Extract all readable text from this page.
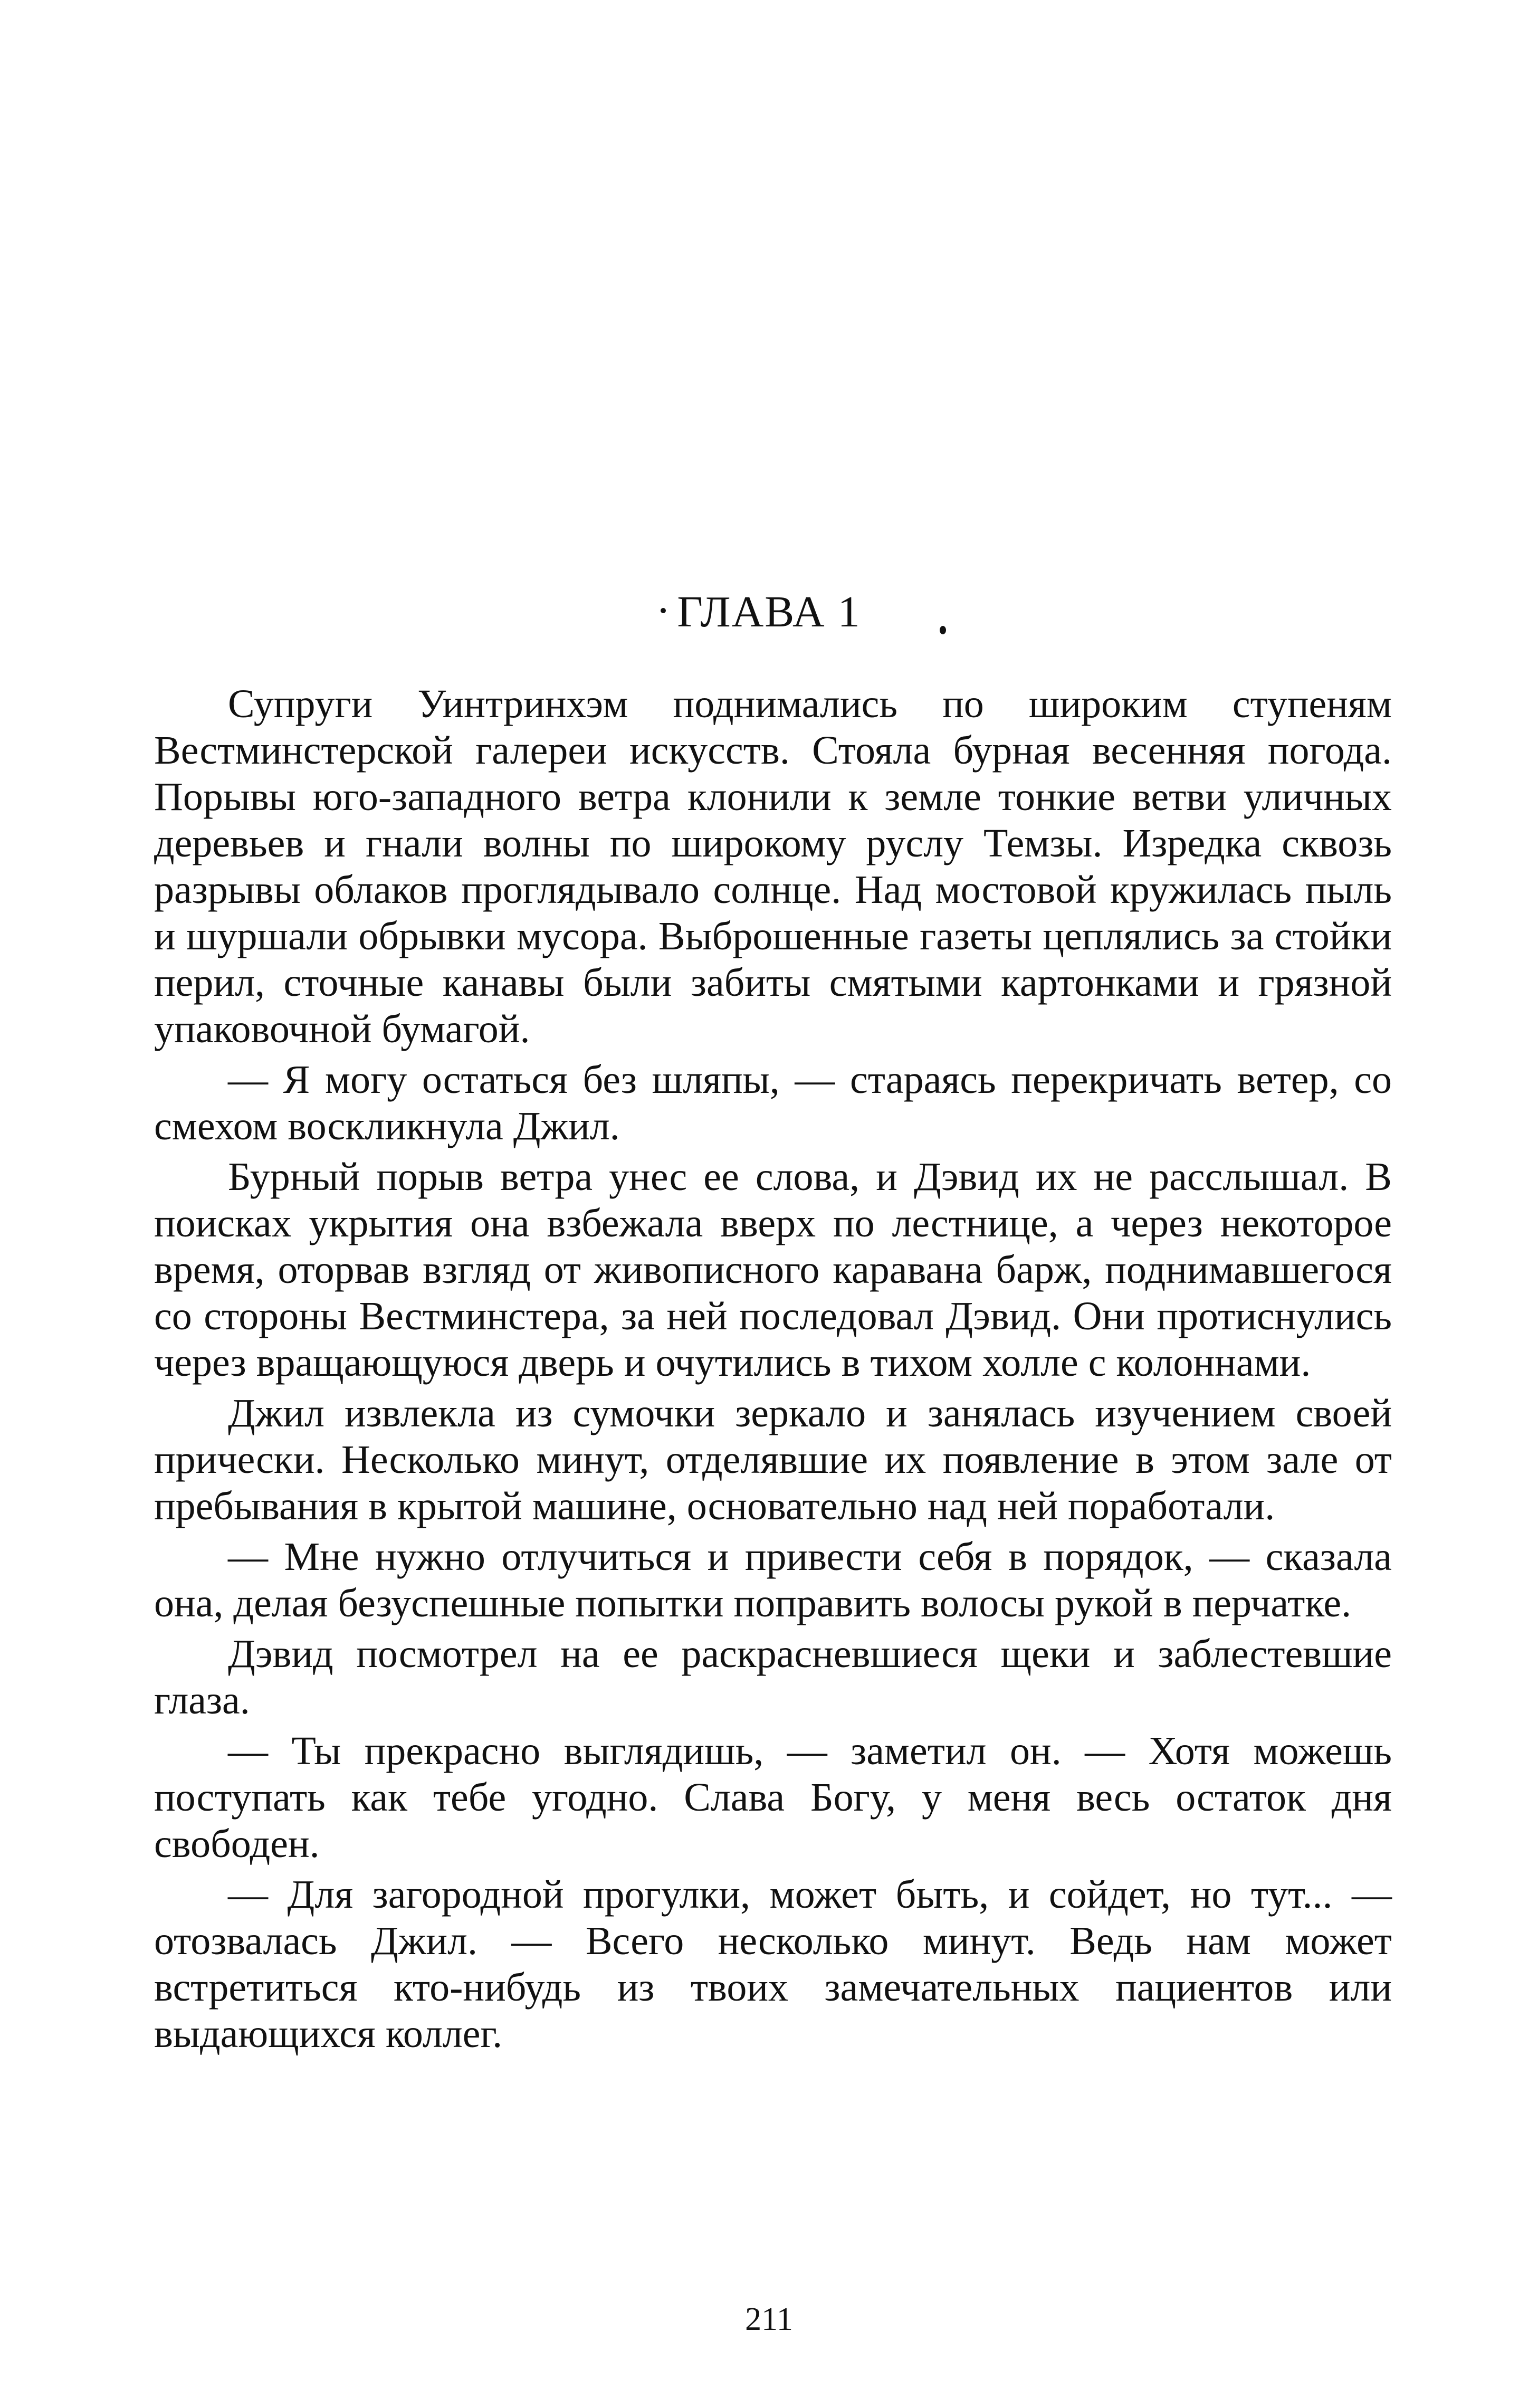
ГЛАВА 1

Супруги Уинтринхэм поднимались по широким ступеням Вестминстерской галереи искусств. Стояла бурная весенняя погода. Порывы юго-западного ветра клонили к земле тонкие ветви уличных деревьев и гнали волны по широкому руслу Темзы. Изредка сквозь разрывы облаков проглядывало солнце. Над мостовой кружилась пыль и шуршали обрывки мусора. Выброшенные газеты цеплялись за стойки перил, сточные канавы были забиты смятыми картонками и грязной упаковочной бумагой.

— Я могу остаться без шляпы, — стараясь перекричать ветер, со смехом воскликнула Джил.

Бурный порыв ветра унес ее слова, и Дэвид их не расслышал. В поисках укрытия она взбежала вверх по лестнице, а через некоторое время, оторвав взгляд от живописного каравана барж, поднимавшегося со стороны Вестминстера, за ней последовал Дэвид. Они протиснулись через вращающуюся дверь и очутились в тихом холле с колоннами.

Джил извлекла из сумочки зеркало и занялась изучением своей прически. Несколько минут, отделявшие их появление в этом зале от пребывания в крытой машине, основательно над ней поработали.

— Мне нужно отлучиться и привести себя в порядок, — сказала она, делая безуспешные попытки поправить волосы рукой в перчатке.

Дэвид посмотрел на ее раскрасневшиеся щеки и заблестевшие глаза.

— Ты прекрасно выглядишь, — заметил он. — Хотя можешь поступать как тебе угодно. Слава Богу, у меня весь остаток дня свободен.

— Для загородной прогулки, может быть, и сойдет, но тут... — отозвалась Джил. — Всего несколько минут. Ведь нам может встретиться кто-нибудь из твоих замечательных пациентов или выдающихся коллег.

211
